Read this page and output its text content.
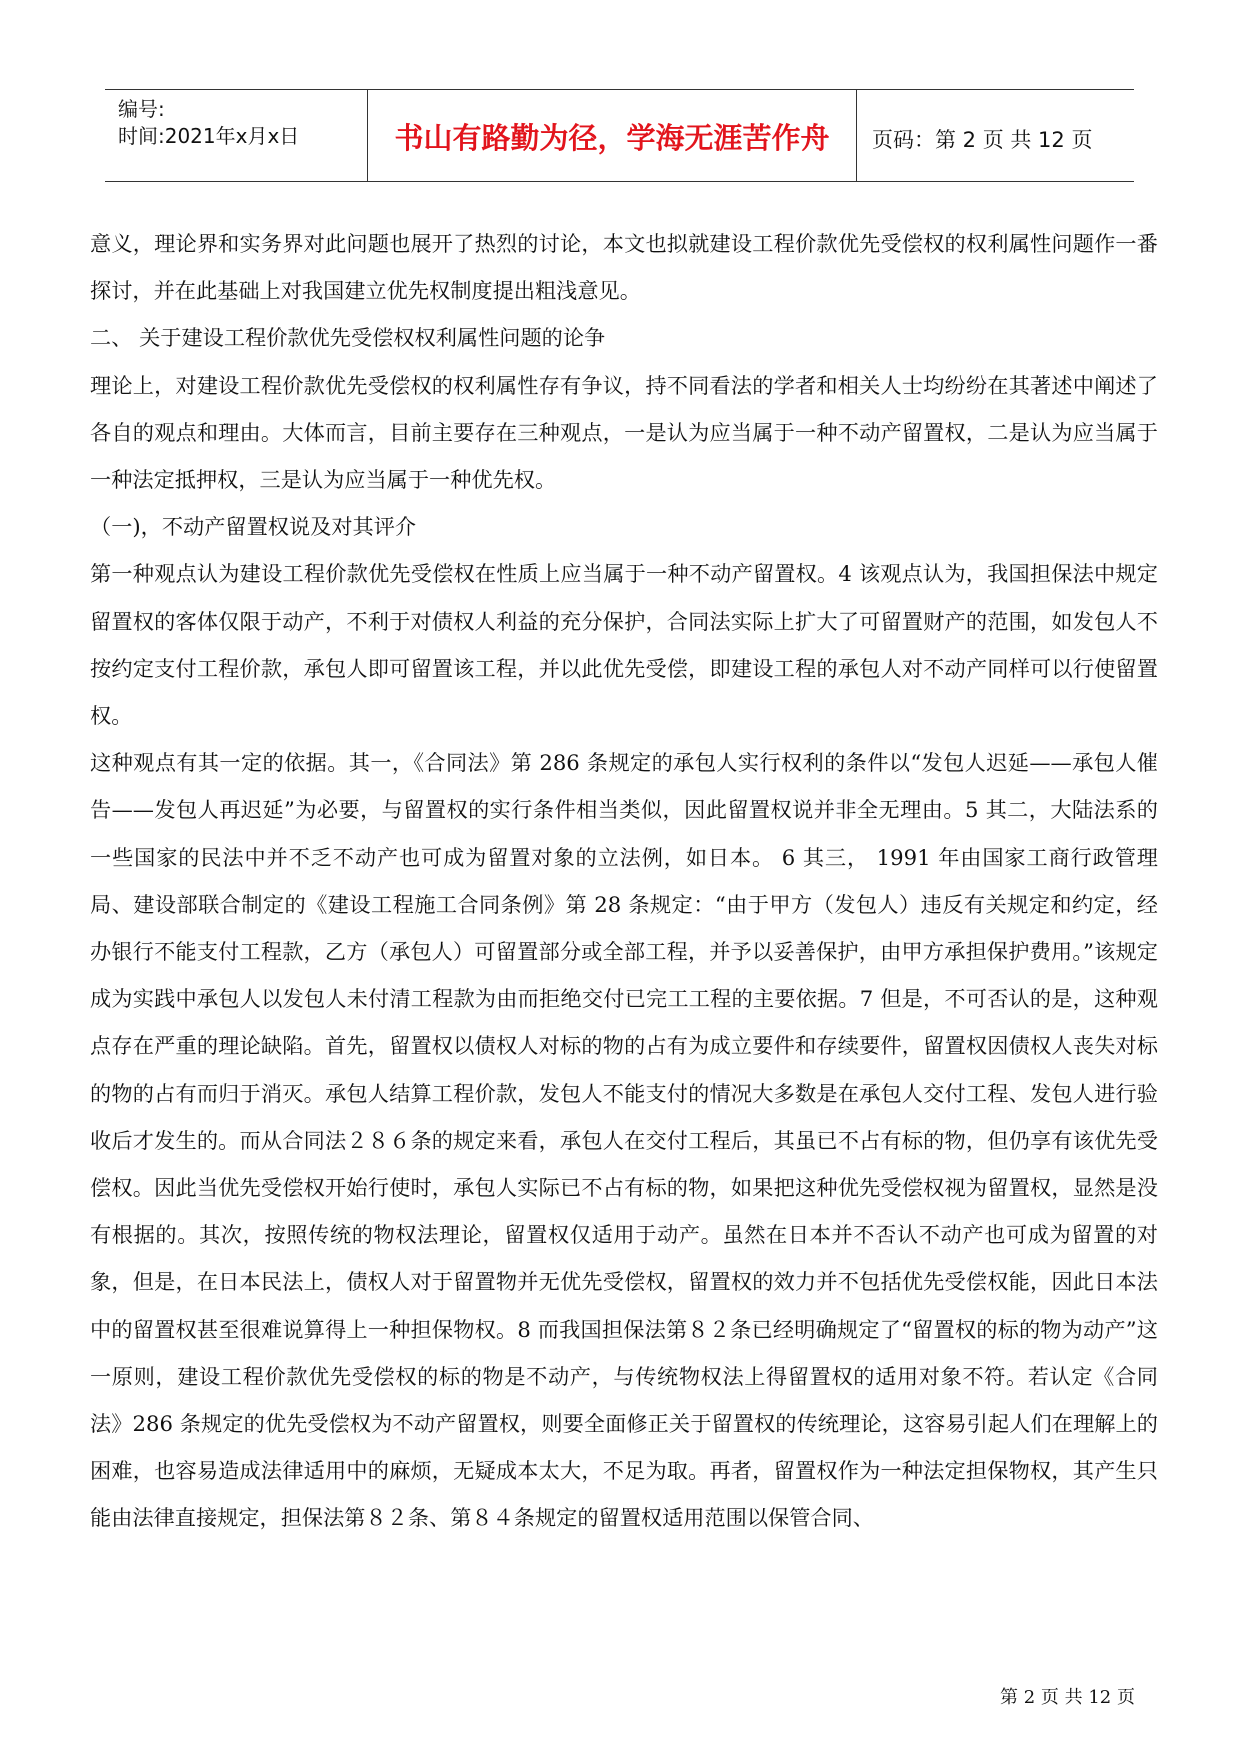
编号:
时间:2021年x月x日	书山有路勤为径，学海无涯苦作舟	页码：第 2 页 共 12 页

意义，理论界和实务界对此问题也展开了热烈的讨论，本文也拟就建设工程价款优先受偿权的权利属性问题作一番探讨，并在此基础上对我国建立优先权制度提出粗浅意见。

二、 关于建设工程价款优先受偿权权利属性问题的论争

理论上，对建设工程价款优先受偿权的权利属性存有争议，持不同看法的学者和相关人士均纷纷在其著述中阐述了各自的观点和理由。大体而言，目前主要存在三种观点，一是认为应当属于一种不动产留置权，二是认为应当属于一种法定抵押权，三是认为应当属于一种优先权。

（一)，不动产留置权说及对其评介

第一种观点认为建设工程价款优先受偿权在性质上应当属于一种不动产留置权。4 该观点认为，我国担保法中规定留置权的客体仅限于动产，不利于对债权人利益的充分保护，合同法实际上扩大了可留置财产的范围，如发包人不按约定支付工程价款，承包人即可留置该工程，并以此优先受偿，即建设工程的承包人对不动产同样可以行使留置权。

这种观点有其一定的依据。其一，《合同法》第 286 条规定的承包人实行权利的条件以“发包人迟延——承包人催告——发包人再迟延”为必要，与留置权的实行条件相当类似，因此留置权说并非全无理由。5 其二，大陆法系的一些国家的民法中并不乏不动产也可成为留置对象的立法例，如日本。 6 其三， 1991 年由国家工商行政管理局、建设部联合制定的《建设工程施工合同条例》第 28 条规定：“由于甲方（发包人）违反有关规定和约定，经办银行不能支付工程款，乙方（承包人）可留置部分或全部工程，并予以妥善保护，由甲方承担保护费用。”该规定成为实践中承包人以发包人未付清工程款为由而拒绝交付已完工工程的主要依据。7 但是，不可否认的是，这种观点存在严重的理论缺陷。首先，留置权以债权人对标的物的占有为成立要件和存续要件，留置权因债权人丧失对标的物的占有而归于消灭。承包人结算工程价款，发包人不能支付的情况大多数是在承包人交付工程、发包人进行验收后才发生的。而从合同法２８６条的规定来看，承包人在交付工程后，其虽已不占有标的物，但仍享有该优先受偿权。因此当优先受偿权开始行使时，承包人实际已不占有标的物，如果把这种优先受偿权视为留置权，显然是没有根据的。其次，按照传统的物权法理论，留置权仅适用于动产。虽然在日本并不否认不动产也可成为留置的对象，但是，在日本民法上，债权人对于留置物并无优先受偿权，留置权的效力并不包括优先受偿权能，因此日本法中的留置权甚至很难说算得上一种担保物权。8 而我国担保法第８２条已经明确规定了“留置权的标的物为动产”这一原则，建设工程价款优先受偿权的标的物是不动产，与传统物权法上得留置权的适用对象不符。若认定《合同法》286 条规定的优先受偿权为不动产留置权，则要全面修正关于留置权的传统理论，这容易引起人们在理解上的困难，也容易造成法律适用中的麻烦，无疑成本太大，不足为取。再者，留置权作为一种法定担保物权，其产生只能由法律直接规定，担保法第８２条、第８４条规定的留置权适用范围以保管合同、

第 2 页 共 12 页
